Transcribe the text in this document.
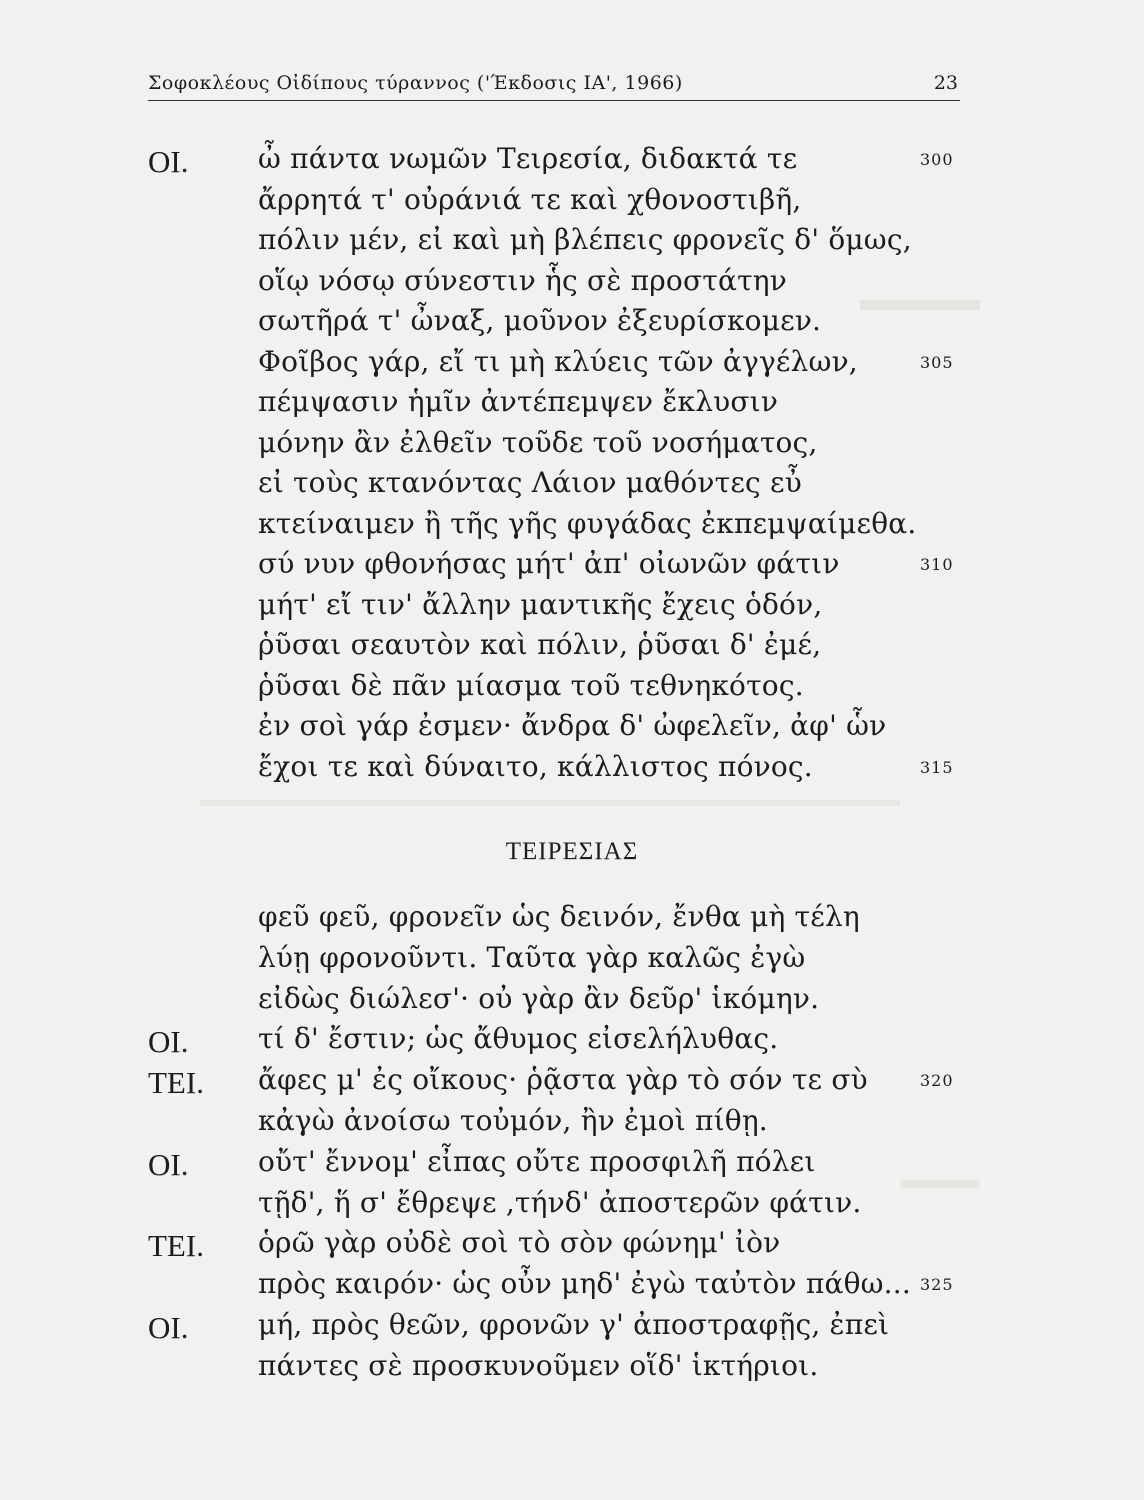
Σοφοκλέους Οἰδίπους τύραννος ('Έκδοσις ΙΑ', 1966)	23
ΟΙ.	ὦ πάντα νωμῶν Τειρεσία, διδακτά τε	300
ἄρρητά τ' οὐράνιά τε καὶ χθονοστιβῆ,
πόλιν μέν, εἰ καὶ μὴ βλέπεις φρονεῖς δ' ὅμως,
οἵῳ νόσῳ σύνεστιν ἧς σὲ προστάτην
σωτῆρά τ' ὦναξ, μοῦνον ἐξευρίσκομεν.
Φοῖβος γάρ, εἴ τι μὴ κλύεις τῶν ἀγγέλων,	305
πέμψασιν ἡμῖν ἀντέπεμψεν ἔκλυσιν
μόνην ἂν ἐλθεῖν τοῦδε τοῦ νοσήματος,
εἰ τοὺς κτανόντας Λάιον μαθόντες εὖ
κτείναιμεν ἢ τῆς γῆς φυγάδας ἐκπεμψαίμεθα.
σύ νυν φθονήσας μήτ' ἀπ' οἰωνῶν φάτιν	310
μήτ' εἴ τιν' ἄλλην μαντικῆς ἔχεις ὁδόν,
ῥῦσαι σεαυτὸν καὶ πόλιν, ῥῦσαι δ' ἐμέ,
ῥῦσαι δὲ πᾶν μίασμα τοῦ τεθνηκότος.
ἐν σοὶ γάρ ἐσμεν· ἄνδρα δ' ὠφελεῖν, ἀφ' ὧν
ἔχοι τε καὶ δύναιτο, κάλλιστος πόνος.	315
ΤΕΙΡΕΣΙΑΣ
φεῦ φεῦ, φρονεῖν ὡς δεινόν, ἔνθα μὴ τέλη
λύῃ φρονοῦντι. Ταῦτα γὰρ καλῶς ἐγὼ
εἰδὼς διώλεσ'· οὐ γὰρ ἂν δεῦρ' ἱκόμην.
ΟΙ.	τί δ' ἔστιν; ὡς ἄθυμος εἰσελήλυθας.
ΤΕΙ.	ἄφες μ' ἐς οἴκους· ῥᾷστα γὰρ τὸ σόν τε σὺ	320
κἀγὼ ἀνοίσω τοὐμόν, ἢν ἐμοὶ πίθῃ.
ΟΙ.	οὔτ' ἔννομ' εἶπας οὔτε προσφιλῆ πόλει
τῇδ', ἥ σ' ἔθρεψε ,τήνδ' ἀποστερῶν φάτιν.
ΤΕΙ.	ὁρῶ γὰρ οὐδὲ σοὶ τὸ σὸν φώνημ' ἰὸν
πρὸς καιρόν· ὡς οὖν μηδ' ἐγὼ ταὐτὸν πάθω... 325
ΟΙ.	μή, πρὸς θεῶν, φρονῶν γ' ἀποστραφῇς, ἐπεὶ
πάντες σὲ προσκυνοῦμεν οἵδ' ἱκτήριοι.
